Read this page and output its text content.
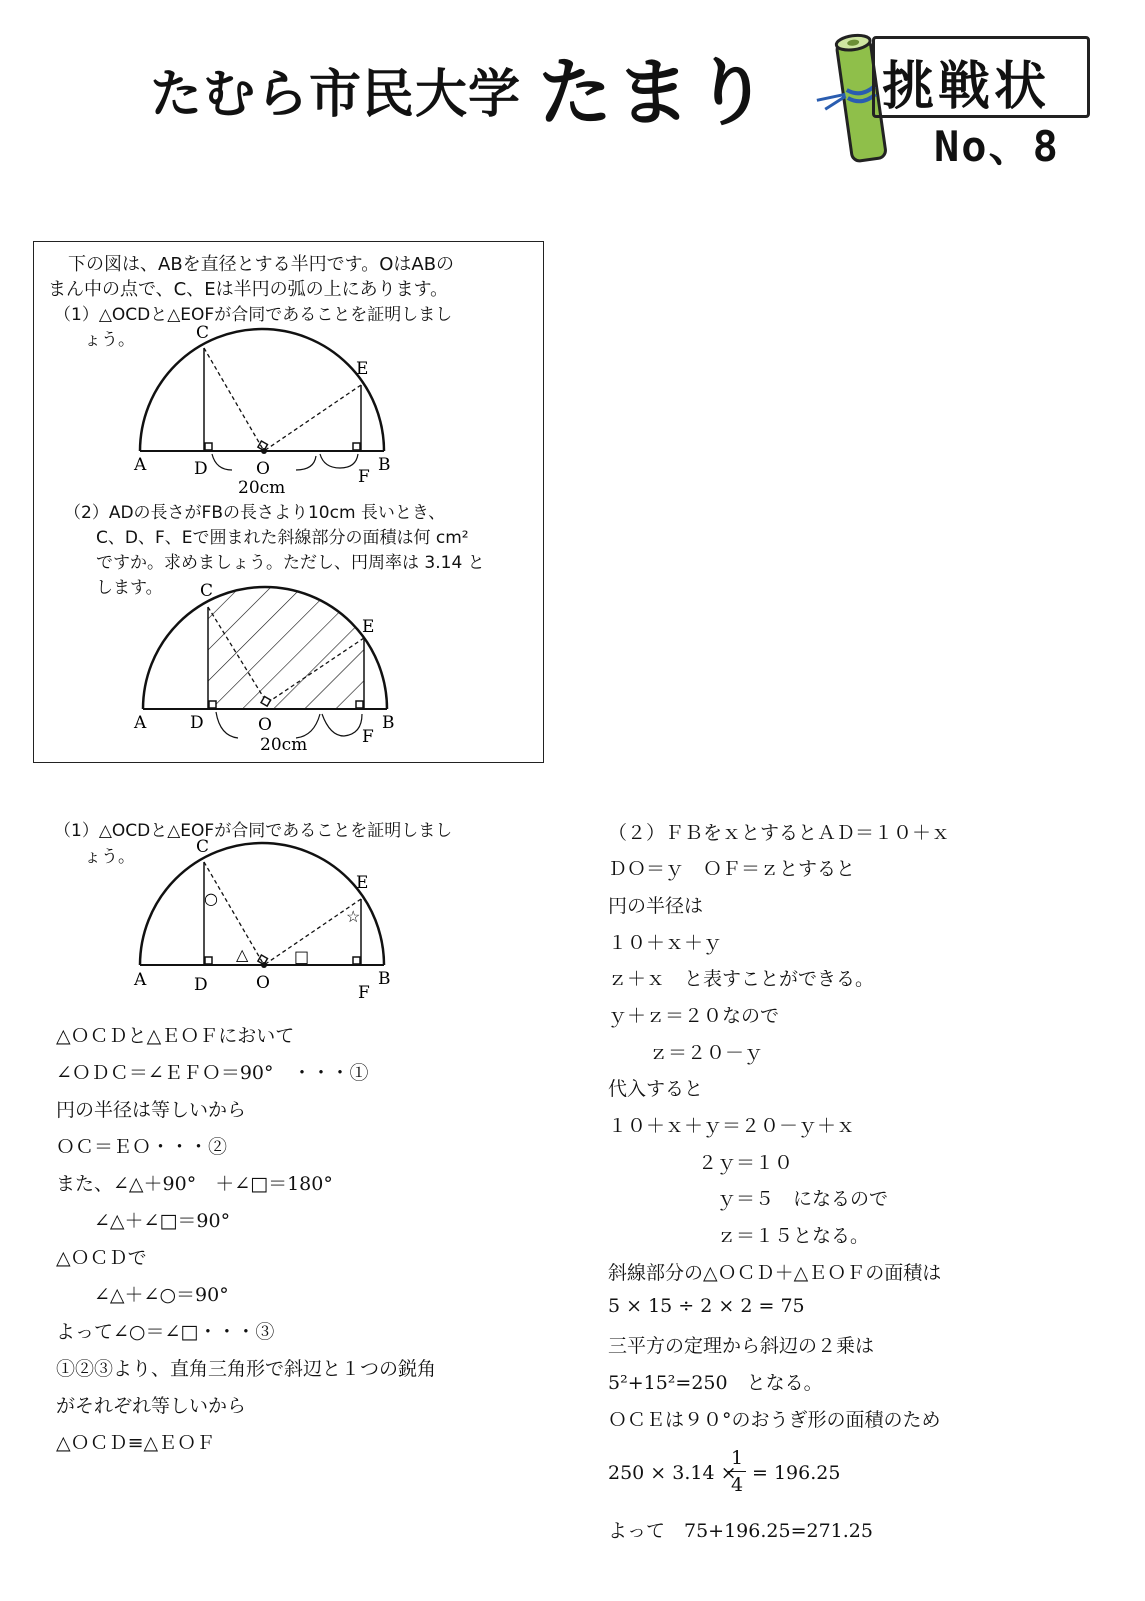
たむら市民大学 たまり 挑戦状
No、8
下の図は、ABを直径とする半円です。OはABの
まん中の点で、C、Eは半円の弧の上にあります。
（1）△OCDと△EOFが合同であることを証明しまし
ょう。
A	B
C
D
E
F
O
20cm
（2）ADの長さがFBの長さより10cm 長いとき、
C、D、F、Eで囲まれた斜線部分の面積は何 cm²
ですか。求めましょう。ただし、円周率は 3.14 と
します。
A	B
C
D
E
F
O
20cm
（1）△OCDと△EOFが合同であることを証明しまし
ょう。
○
△	□
☆
A	B
C
D
E
F
O
△ＯＣＤと△ＥＯＦにおいて
∠ＯＤＣ＝∠ＥＦＯ＝90°　・・・①
円の半径は等しいから
ＯＣ＝ＥＯ・・・②
また、∠△＋90°　＋∠□＝180°
　　∠△＋∠□＝90°
△ＯＣＤで
　　∠△＋∠○＝90°
よって∠○＝∠□・・・③
①②③より、直角三角形で斜辺と１つの鋭角
がそれぞれ等しいから
△ＯＣＤ≡△ＥＯＦ
（２）ＦＢをｘとするとＡＤ＝１０＋ｘ
ＤＯ＝ｙ　ＯＦ＝ｚとすると
円の半径は
１０＋ｘ＋ｙ
ｚ＋ｘ　と表すことができる。
ｙ＋ｚ＝２０なので
　ｚ＝２０－ｙ
代入すると
１０＋ｘ＋ｙ＝２０－ｙ＋ｘ
　　２ｙ＝１０
　　　ｙ＝５　になるので
　　　ｚ＝１５となる。
斜線部分の△ＯＣＤ＋△ＥＯＦの面積は
5 × 15 ÷ 2 × 2 = 75
三平方の定理から斜辺の２乗は
5²+15²=250　となる。
ＯＣＥは９０°のおうぎ形の面積のため
250 × 3.14 ×
1
4
= 196.25
よって　75+196.25=271.25
